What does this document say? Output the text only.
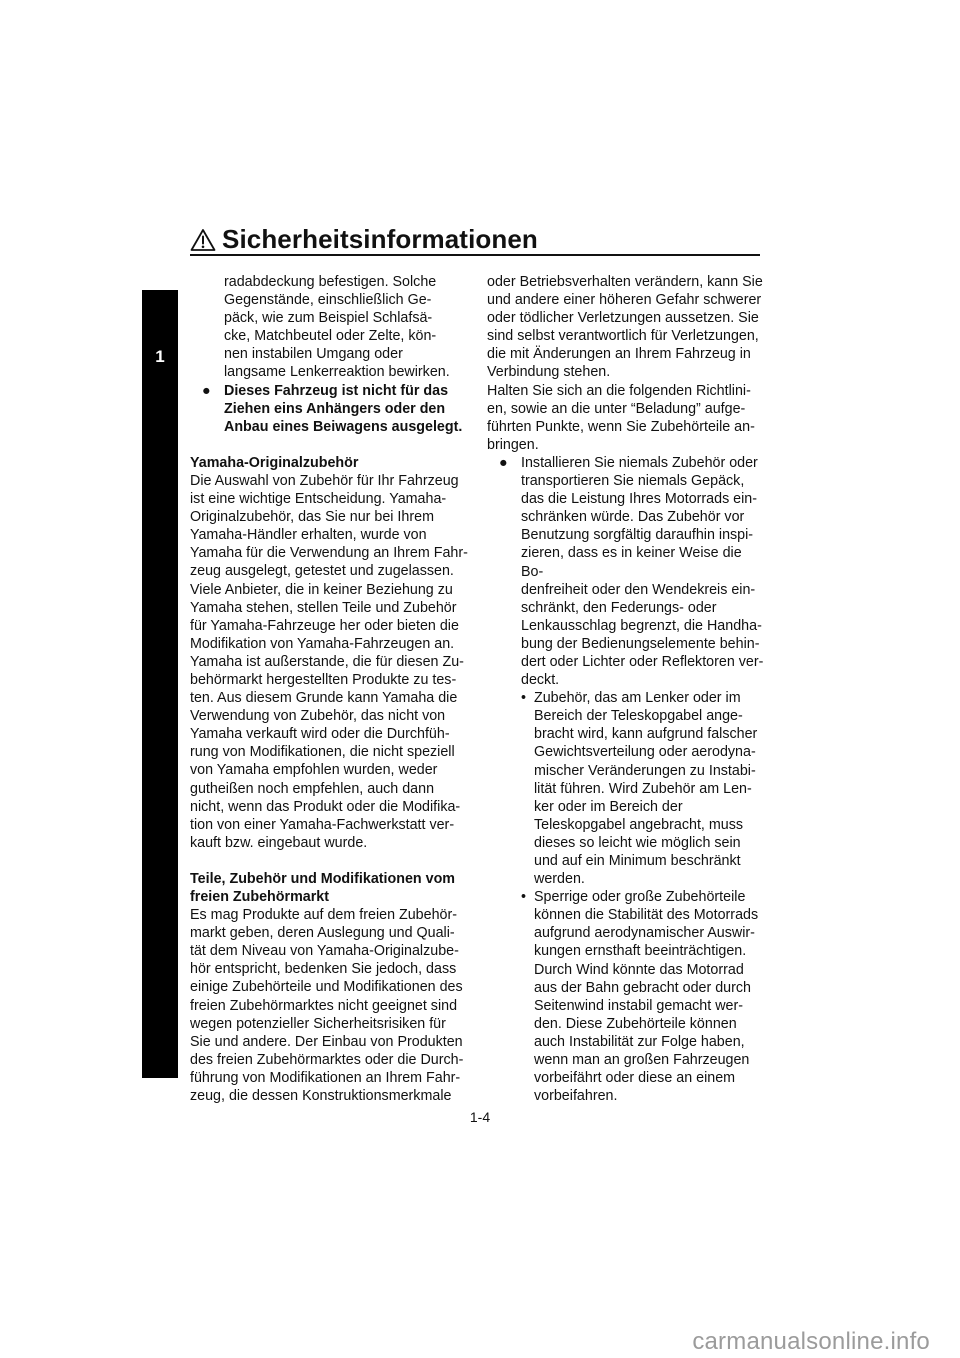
Sicherheitsinformationen
1

radabdeckung befestigen. Solche

Gegenstände, einschließlich Ge-

päck, wie zum Beispiel Schlafsä-

cke, Matchbeutel oder Zelte, kön-

nen instabilen Umgang oder

langsame Lenkerreaktion bewirken.

● Dieses Fahrzeug ist nicht für das

Ziehen eins Anhängers oder den

Anbau eines Beiwagens ausgelegt.

Yamaha-Originalzubehör

Die Auswahl von Zubehör für Ihr Fahrzeug

ist eine wichtige Entscheidung. Yamaha-

Originalzubehör, das Sie nur bei Ihrem

Yamaha-Händler erhalten, wurde von

Yamaha für die Verwendung an Ihrem Fahr-

zeug ausgelegt, getestet und zugelassen.

Viele Anbieter, die in keiner Beziehung zu

Yamaha stehen, stellen Teile und Zubehör

für Yamaha-Fahrzeuge her oder bieten die

Modifikation von Yamaha-Fahrzeugen an.

Yamaha ist außerstande, die für diesen Zu-

behörmarkt hergestellten Produkte zu tes-

ten. Aus diesem Grunde kann Yamaha die

Verwendung von Zubehör, das nicht von

Yamaha verkauft wird oder die Durchfüh-

rung von Modifikationen, die nicht speziell

von Yamaha empfohlen wurden, weder

gutheißen noch empfehlen, auch dann

nicht, wenn das Produkt oder die Modifika-

tion von einer Yamaha-Fachwerkstatt ver-

kauft bzw. eingebaut wurde.

Teile, Zubehör und Modifikationen vom

freien Zubehörmarkt

Es mag Produkte auf dem freien Zubehör-

markt geben, deren Auslegung und Quali-

tät dem Niveau von Yamaha-Originalzube-

hör entspricht, bedenken Sie jedoch, dass

einige Zubehörteile und Modifikationen des

freien Zubehörmarktes nicht geeignet sind

wegen potenzieller Sicherheitsrisiken für

Sie und andere. Der Einbau von Produkten

des freien Zubehörmarktes oder die Durch-

führung von Modifikationen an Ihrem Fahr-

zeug, die dessen Konstruktionsmerkmale

oder Betriebsverhalten verändern, kann Sie

und andere einer höheren Gefahr schwerer

oder tödlicher Verletzungen aussetzen. Sie

sind selbst verantwortlich für Verletzungen,

die mit Änderungen an Ihrem Fahrzeug in

Verbindung stehen.

Halten Sie sich an die folgenden Richtlini-

en, sowie an die unter “Beladung” aufge-

führten Punkte, wenn Sie Zubehörteile an-

bringen.

● Installieren Sie niemals Zubehör oder

transportieren Sie niemals Gepäck,

das die Leistung Ihres Motorrads ein-

schränken würde. Das Zubehör vor

Benutzung sorgfältig daraufhin inspi-

zieren, dass es in keiner Weise die Bo-

denfreiheit oder den Wendekreis ein-

schränkt, den Federungs- oder

Lenkausschlag begrenzt, die Handha-

bung der Bedienungselemente behin-

dert oder Lichter oder Reflektoren ver-

deckt.

• Zubehör, das am Lenker oder im

Bereich der Teleskopgabel ange-

bracht wird, kann aufgrund falscher

Gewichtsverteilung oder aerodyna-

mischer Veränderungen zu Instabi-

lität führen. Wird Zubehör am Len-

ker oder im Bereich der

Teleskopgabel angebracht, muss

dieses so leicht wie möglich sein

und auf ein Minimum beschränkt

werden.

• Sperrige oder große Zubehörteile

können die Stabilität des Motorrads

aufgrund aerodynamischer Auswir-

kungen ernsthaft beeinträchtigen.

Durch Wind könnte das Motorrad

aus der Bahn gebracht oder durch

Seitenwind instabil gemacht wer-

den. Diese Zubehörteile können

auch Instabilität zur Folge haben,

wenn man an großen Fahrzeugen

vorbeifährt oder diese an einem

vorbeifahren.

1-4
carmanualsonline.info
